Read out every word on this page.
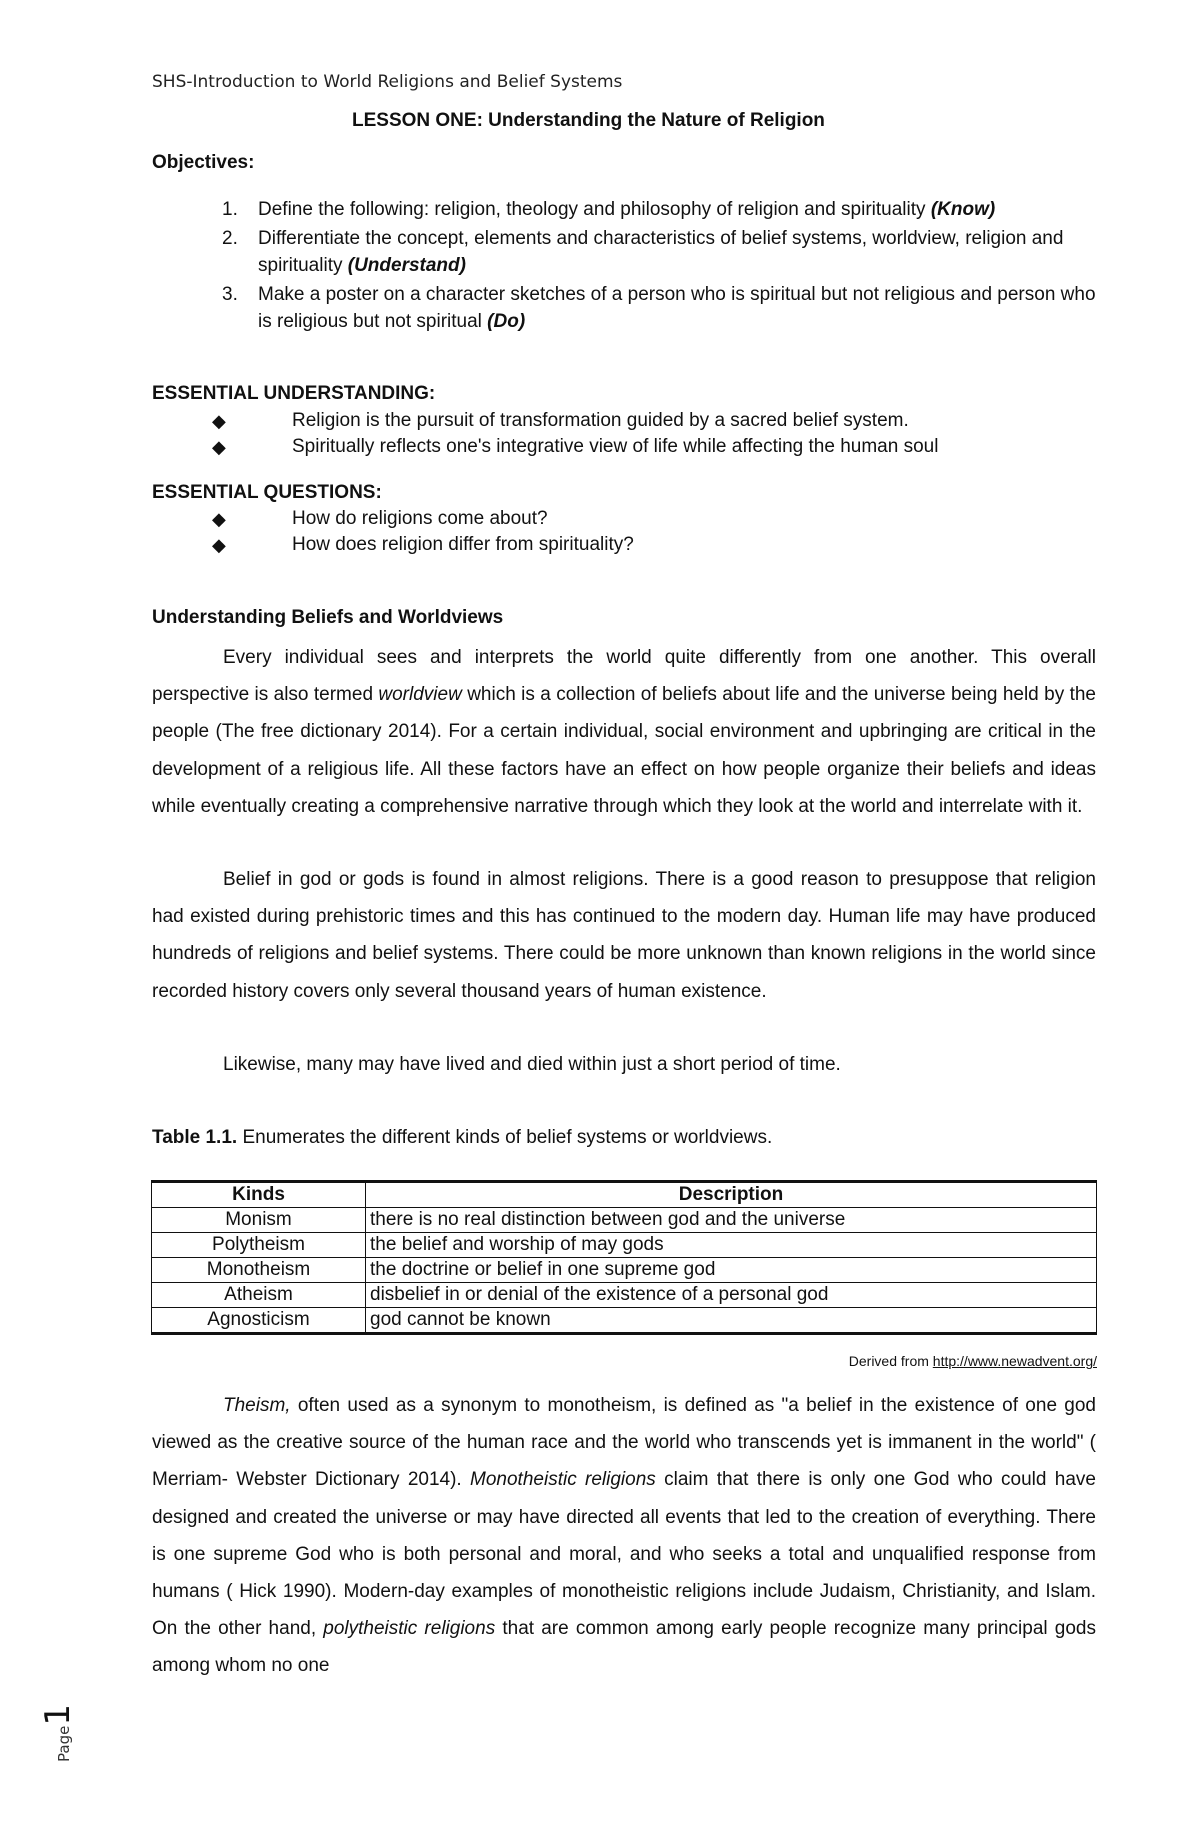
SHS-Introduction to World Religions and Belief Systems
LESSON ONE: Understanding the Nature of Religion
Objectives:
1. Define the following: religion, theology and philosophy of religion and spirituality (Know)
2. Differentiate the concept, elements and characteristics of belief systems, worldview, religion and spirituality (Understand)
3. Make a poster on a character sketches of a person who is spiritual but not religious and person who is religious but not spiritual (Do)
ESSENTIAL UNDERSTANDING:
◆	Religion is the pursuit of transformation guided by a sacred belief system.
◆	Spiritually reflects one's integrative view of life while affecting the human soul
ESSENTIAL QUESTIONS:
◆	How do religions come about?
◆	How does religion differ from spirituality?
Understanding Beliefs and Worldviews

Every individual sees and interprets the world quite differently from one another. This overall perspective is also termed worldview which is a collection of beliefs about life and the universe being held by the people (The free dictionary 2014). For a certain individual, social environment and upbringing are critical in the development of a religious life. All these factors have an effect on how people organize their beliefs and ideas while eventually creating a comprehensive narrative through which they look at the world and interrelate with it.

Belief in god or gods is found in almost religions. There is a good reason to presuppose that religion had existed during prehistoric times and this has continued to the modern day. Human life may have produced hundreds of religions and belief systems. There could be more unknown than known religions in the world since recorded history covers only several thousand years of human existence.

Likewise, many may have lived and died within just a short period of time.

Table 1.1. Enumerates the different kinds of belief systems or worldviews.
Kinds	Description
Monism	there is no real distinction between god and the universe
Polytheism	the belief and worship of may gods
Monotheism	the doctrine or belief in one supreme god
Atheism	disbelief in or denial of the existence of a personal god
Agnosticism	god cannot be known
Derived from http://www.newadvent.org/

Theism, often used as a synonym to monotheism, is defined as "a belief in the existence of one god viewed as the creative source of the human race and the world who transcends yet is immanent in the world" ( Merriam- Webster Dictionary 2014). Monotheistic religions claim that there is only one God who could have designed and created the universe or may have directed all events that led to the creation of everything. There is one supreme God who is both personal and moral, and who seeks a total and unqualified response from humans ( Hick 1990). Modern-day examples of monotheistic religions include Judaism, Christianity, and Islam. On the other hand, polytheistic religions that are common among early people recognize many principal gods among whom no one

Page1
